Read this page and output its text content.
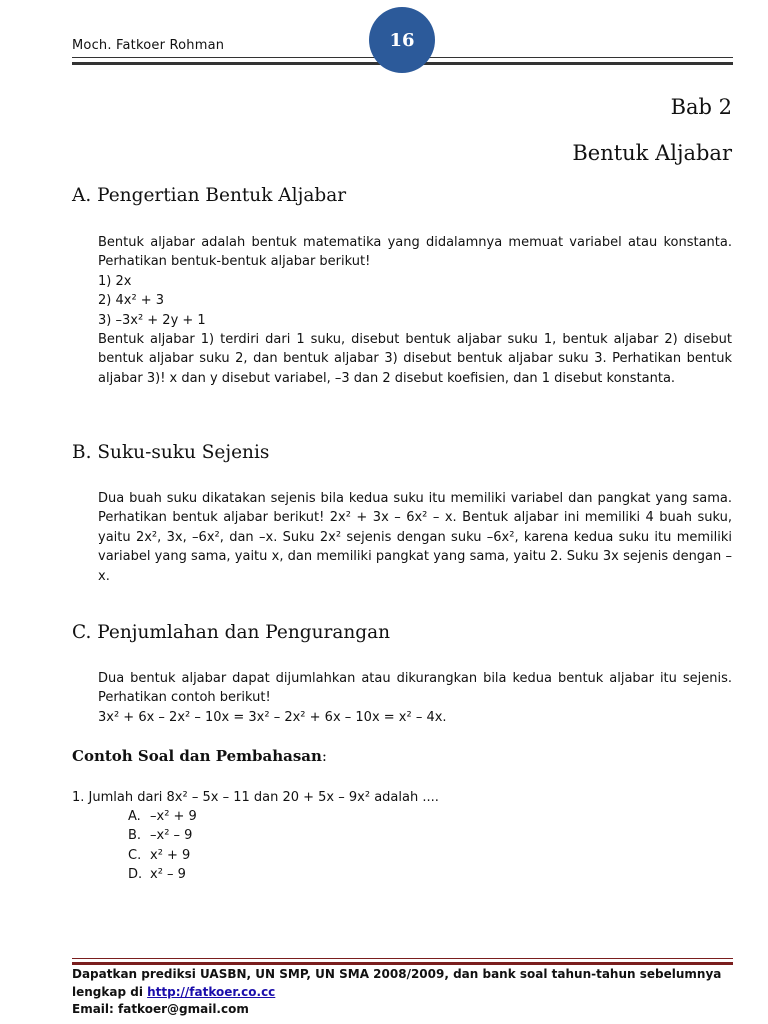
Moch. Fatkoer Rohman	16
Bab 2
Bentuk Aljabar
A. Pengertian Bentuk Aljabar

Bentuk aljabar adalah bentuk matematika yang didalamnya memuat variabel atau konstanta. Perhatikan bentuk-bentuk aljabar berikut!

1) 2x

2) 4x² + 3

3) –3x² + 2y + 1

Bentuk aljabar 1) terdiri dari 1 suku, disebut bentuk aljabar suku 1, bentuk aljabar 2) disebut bentuk aljabar suku 2, dan bentuk aljabar 3) disebut bentuk aljabar suku 3. Perhatikan bentuk aljabar 3)! x dan y disebut variabel, –3 dan 2 disebut koefisien, dan 1 disebut konstanta.

B. Suku-suku Sejenis

Dua buah suku dikatakan sejenis bila kedua suku itu memiliki variabel dan pangkat yang sama. Perhatikan bentuk aljabar berikut! 2x² + 3x – 6x² – x. Bentuk aljabar ini memiliki 4 buah suku, yaitu 2x², 3x, –6x², dan –x. Suku 2x² sejenis dengan suku –6x², karena kedua suku itu memiliki variabel yang sama, yaitu x, dan memiliki pangkat yang sama, yaitu 2. Suku 3x sejenis dengan –x.

C. Penjumlahan dan Pengurangan

Dua bentuk aljabar dapat dijumlahkan atau dikurangkan bila kedua bentuk aljabar itu sejenis. Perhatikan contoh berikut!

3x² + 6x – 2x² – 10x = 3x² – 2x² + 6x – 10x = x² – 4x.

Contoh Soal dan Pembahasan:
1. Jumlah dari 8x² – 5x – 11 dan 20 + 5x – 9x² adalah ....
A. –x² + 9
B. –x² – 9
C. x² + 9
D. x² – 9
Dapatkan prediksi UASBN, UN SMP, UN SMA 2008/2009, dan bank soal tahun-tahun sebelumnya
lengkap di http://fatkoer.co.cc
Email: fatkoer@gmail.com
